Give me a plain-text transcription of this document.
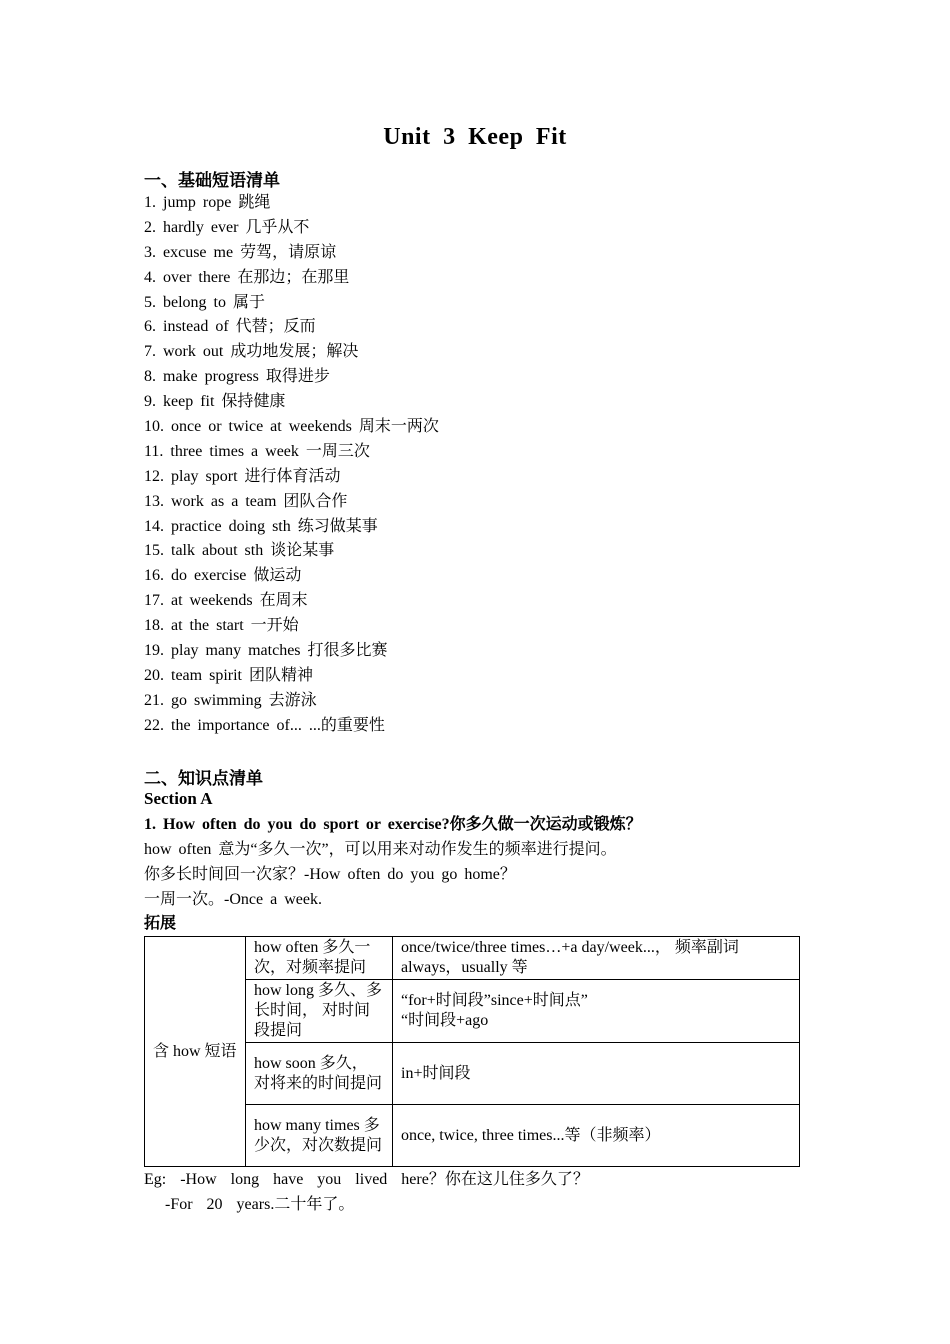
Unit 3 Keep Fit
一、基础短语清单
1. jump rope 跳绳
2. hardly ever 几乎从不
3. excuse me 劳驾，请原谅
4. over there 在那边；在那里
5. belong to 属于
6. instead of 代替；反而
7. work out 成功地发展；解决
8. make progress 取得进步
9. keep fit 保持健康
10. once or twice at weekends 周末一两次
11. three times a week 一周三次
12. play sport 进行体育活动
13. work as a team 团队合作
14. practice doing sth 练习做某事
15. talk about sth 谈论某事
16. do exercise 做运动
17. at weekends 在周末
18. at the start 一开始
19. play many matches 打很多比赛
20. team spirit 团队精神
21. go swimming 去游泳
22. the importance of... ...的重要性
二、知识点清单
Section A
1. How often do you do sport or exercise?你多久做一次运动或锻炼？
how often 意为“多久一次”，可以用来对动作发生的频率进行提问。
你多长时间回一次家？-How often do you go home？
一周一次。-Once a week.
拓展
含 how 短语	how often 多久一次，对频率提问	once/twice/three times…+a day/week...， 频率副词 always，usually 等
	how long 多久、多长时间， 对时间段提问	“for+时间段”since+时间点”
“时间段+ago
	how soon 多久， 对将来的时间提问	in+时间段
	how many times 多少次，对次数提问	once, twice, three times...等（非频率）
Eg:  -How  long  have  you  lived  here？你在这儿住多久了？
-For  20  years.二十年了。
